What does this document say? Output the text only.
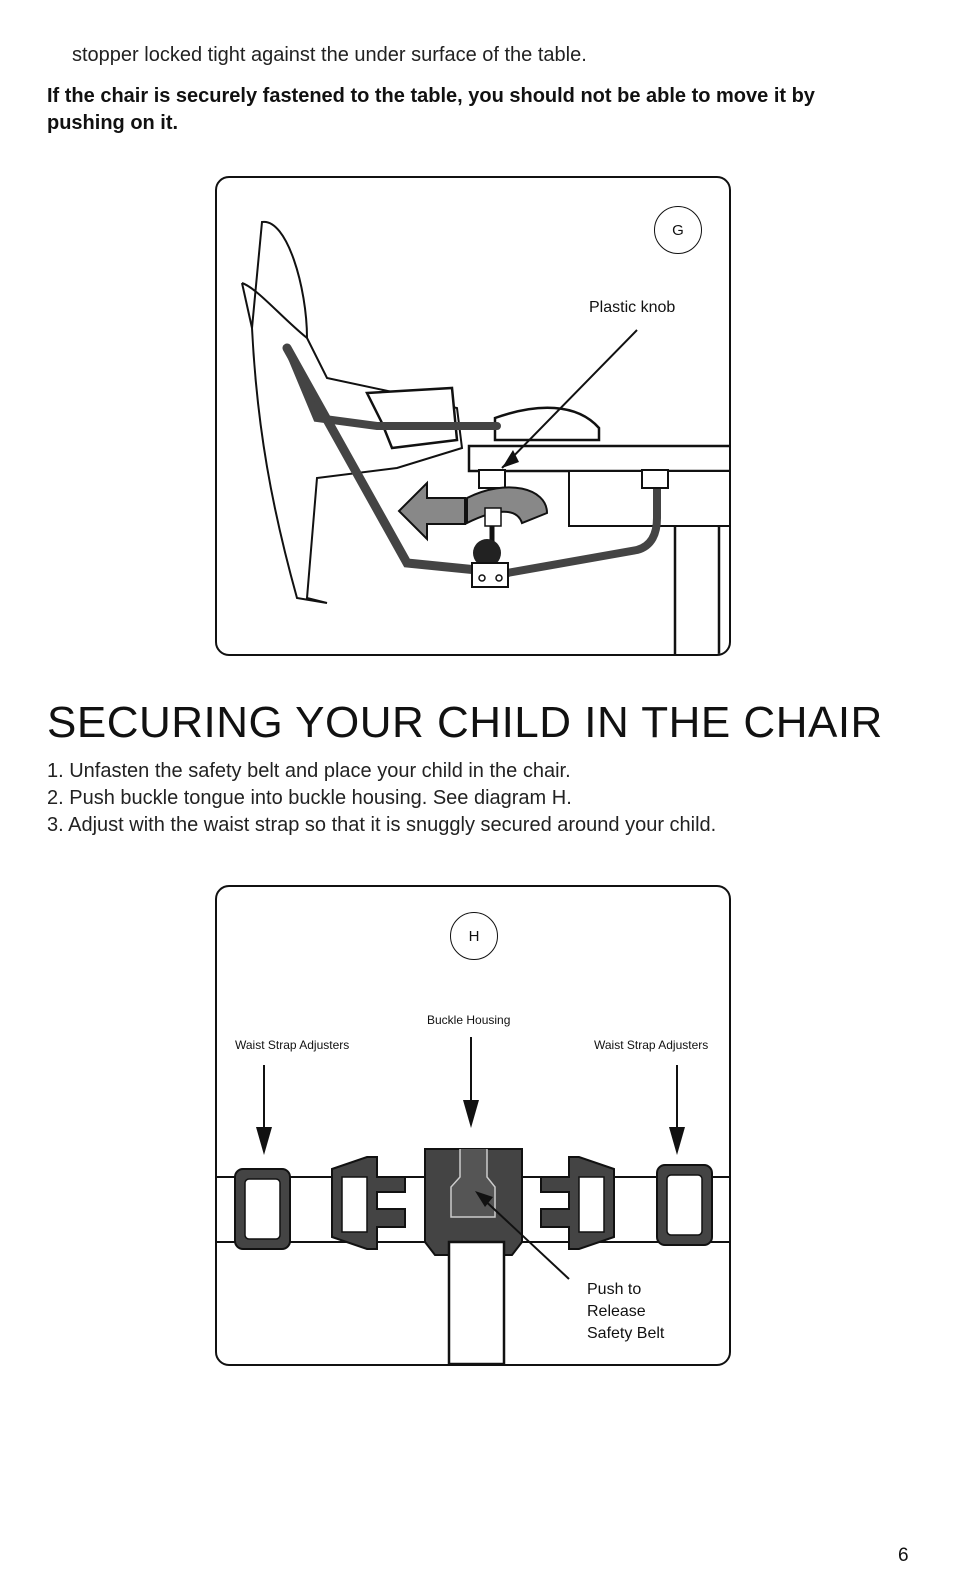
stopper locked tight against the under surface of the table.
If the chair is securely fastened to the table, you should not be able to move it by pushing on it.
G
Plastic knob
SECURING YOUR CHILD IN THE CHAIR
1. Unfasten the safety belt and place your child in the chair.
2. Push buckle tongue into buckle housing. See diagram H.
3. Adjust with the waist strap so that it is snuggly secured around your child.
H
Buckle Housing
Waist Strap Adjusters	Waist Strap Adjusters
Push to
Release
Safety Belt
6
